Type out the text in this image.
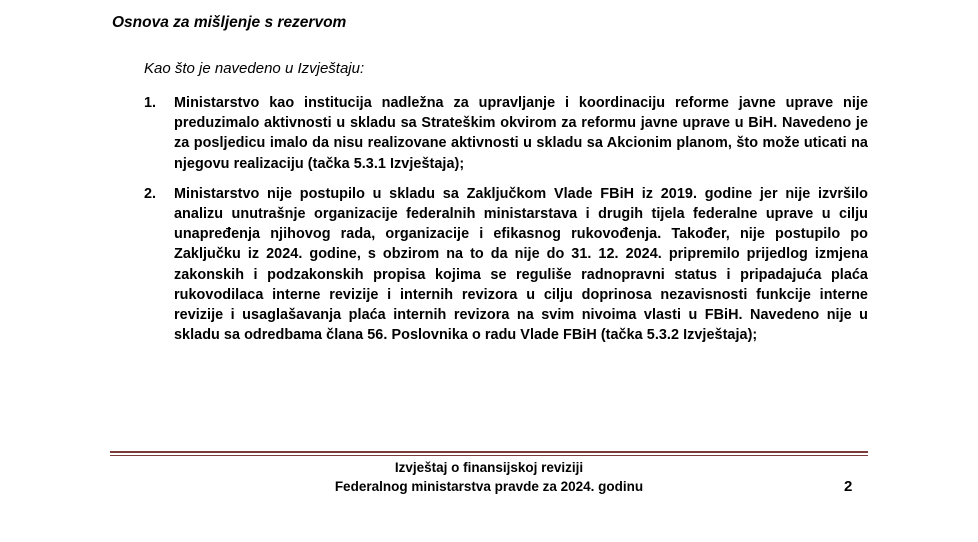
Osnova za mišljenje s rezervom

Kao što je navedeno u Izvještaju:

1.	Ministarstvo kao institucija nadležna za upravljanje i koordinaciju reforme javne uprave nije preduzimalo aktivnosti u skladu sa Strateškim okvirom za reformu javne uprave u BiH. Navedeno je za posljedicu imalo da nisu realizovane aktivnosti u skladu sa Akcionim planom, što može uticati na njegovu realizaciju (tačka 5.3.1 Izvještaja);
2.	Ministarstvo nije postupilo u skladu sa Zaključkom Vlade FBiH iz 2019. godine jer nije izvršilo analizu unutrašnje organizacije federalnih ministarstava i drugih tijela federalne uprave u cilju unapređenja njihovog rada, organizacije i efikasnog rukovođenja. Također, nije postupilo po Zaključku iz 2024. godine, s obzirom na to da nije do 31. 12. 2024. pripremilo prijedlog izmjena zakonskih i podzakonskih propisa kojima se reguliše radnopravni status i pripadajuća plaća rukovodilaca interne revizije i internih revizora u cilju doprinosa nezavisnosti funkcije interne revizije i usaglašavanja plaća internih revizora na svim nivoima vlasti u FBiH. Navedeno nije u skladu sa odredbama člana 56. Poslovnika o radu Vlade FBiH (tačka 5.3.2 Izvještaja);
Izvještaj o finansijskoj reviziji
Federalnog ministarstva pravde za 2024. godinu	2
